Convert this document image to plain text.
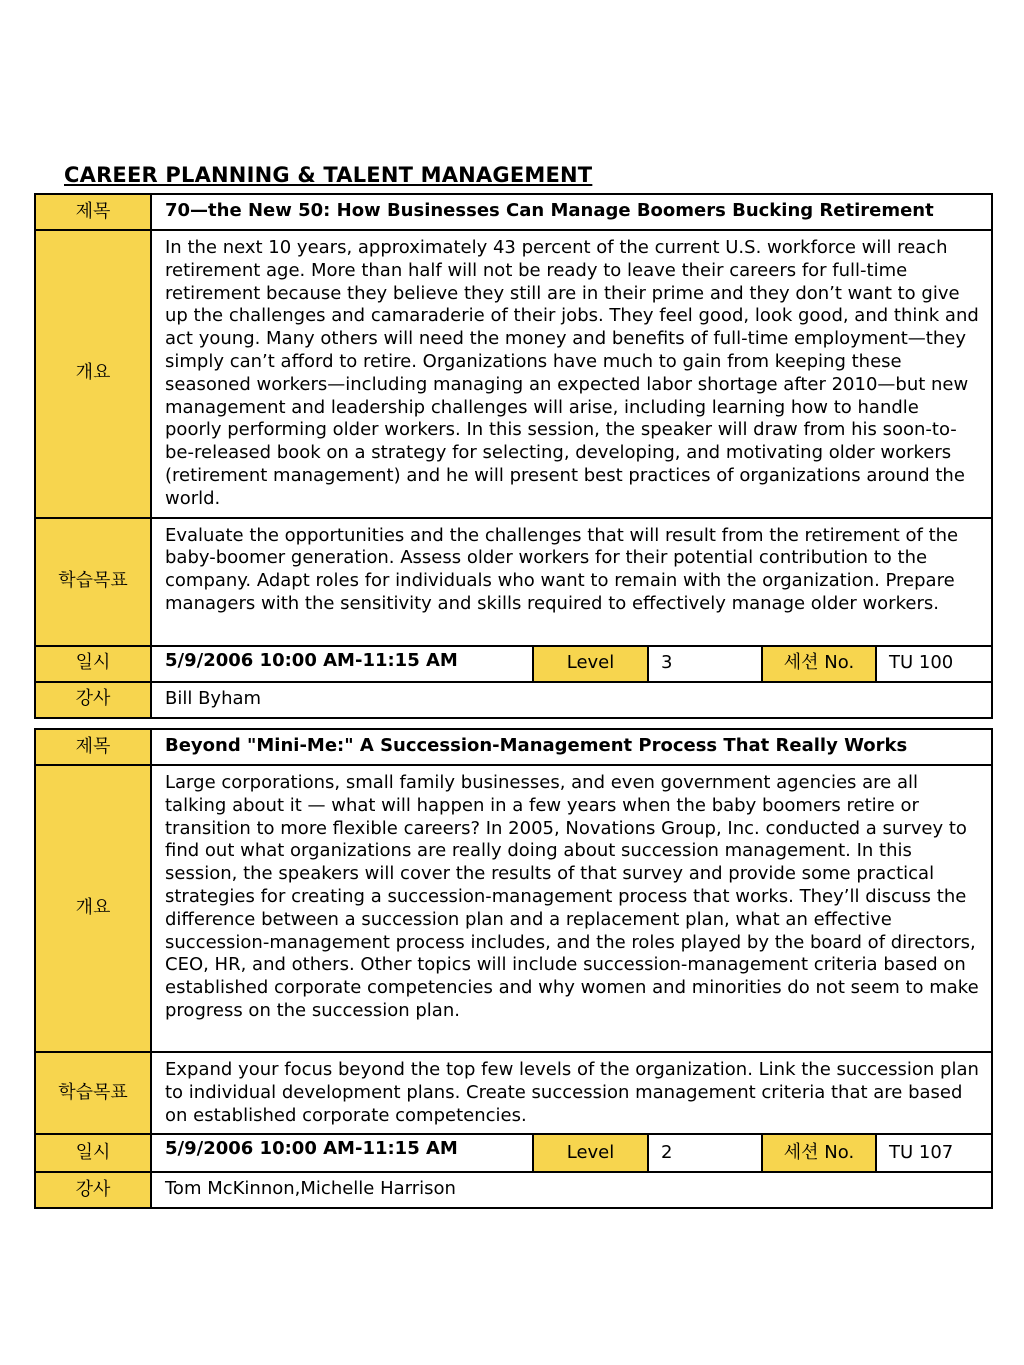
CAREER PLANNING & TALENT MANAGEMENT
제목	70—the New 50: How Businesses Can Manage Boomers Bucking Retirement				
개요	In the next 10 years, approximately 43 percent of the current U.S. workforce will reach retirement age. More than half will not be ready to leave their careers for full-time retirement because they believe they still are in their prime and they don’t want to give up the challenges and camaraderie of their jobs. They feel good, look good, and think and act young. Many others will need the money and benefits of full-time employment—they simply can’t afford to retire. Organizations have much to gain from keeping these seasoned workers—including managing an expected labor shortage after 2010—but new management and leadership challenges will arise, including learning how to handle poorly performing older workers. In this session, the speaker will draw from his soon-to-be-released book on a strategy for selecting, developing, and motivating older workers (retirement management) and he will present best practices of organizations around the world.				
학습목표	Evaluate the opportunities and the challenges that will result from the retirement of the baby-boomer generation. Assess older workers for their potential contribution to the company. Adapt roles for individuals who want to remain with the organization. Prepare managers with the sensitivity and skills required to effectively manage older workers.				
일시	5/9/2006 10:00 AM-11:15 AM	Level	3	세션 No.	TU 100
강사	Bill Byham				
제목	Beyond "Mini-Me:" A Succession-Management Process That Really Works				
개요	Large corporations, small family businesses, and even government agencies are all talking about it — what will happen in a few years when the baby boomers retire or transition to more flexible careers? In 2005, Novations Group, Inc. conducted a survey to find out what organizations are really doing about succession management. In this session, the speakers will cover the results of that survey and provide some practical strategies for creating a succession-management process that works. They’ll discuss the difference between a succession plan and a replacement plan, what an effective succession-management process includes, and the roles played by the board of directors, CEO, HR, and others. Other topics will include succession-management criteria based on established corporate competencies and why women and minorities do not seem to make progress on the succession plan.				
학습목표	Expand your focus beyond the top few levels of the organization. Link the succession plan to individual development plans. Create succession management criteria that are based on established corporate competencies.				
일시	5/9/2006 10:00 AM-11:15 AM	Level	2	세션 No.	TU 107
강사	Tom McKinnon,Michelle Harrison				
